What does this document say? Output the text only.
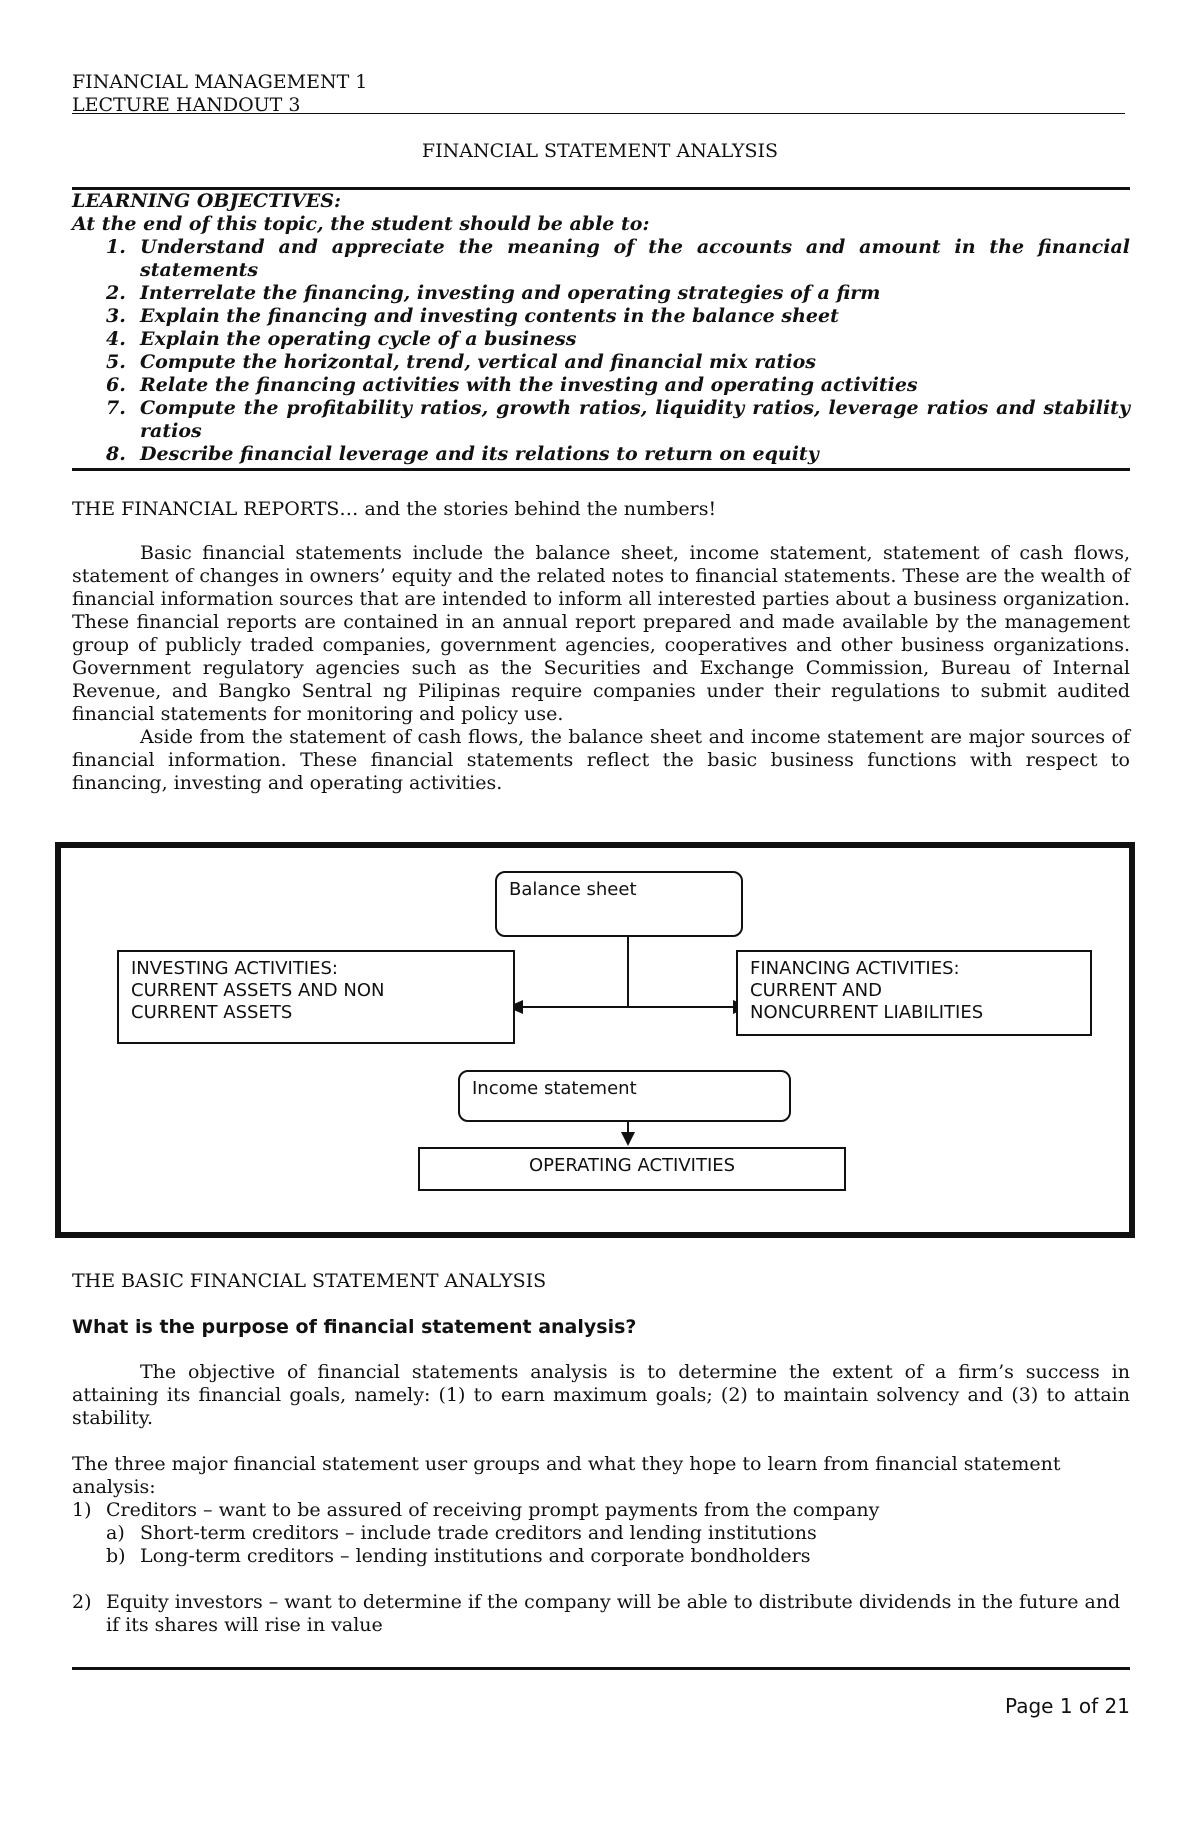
FINANCIAL MANAGEMENT 1
LECTURE HANDOUT 3
FINANCIAL STATEMENT ANALYSIS
LEARNING OBJECTIVES:
At the end of this topic, the student should be able to:
1. Understand and appreciate the meaning of the accounts and amount in the financial statements
2. Interrelate the financing, investing and operating strategies of a firm
3. Explain the financing and investing contents in the balance sheet
4. Explain the operating cycle of a business
5. Compute the horizontal, trend, vertical and financial mix ratios
6. Relate the financing activities with the investing and operating activities
7. Compute the profitability ratios, growth ratios, liquidity ratios, leverage ratios and stability ratios
8. Describe financial leverage and its relations to return on equity
THE FINANCIAL REPORTS… and the stories behind the numbers!
Basic financial statements include the balance sheet, income statement, statement of cash flows, statement of changes in owners’ equity and the related notes to financial statements. These are the wealth of financial information sources that are intended to inform all interested parties about a business organization. These financial reports are contained in an annual report prepared and made available by the management group of publicly traded companies, government agencies, cooperatives and other business organizations. Government regulatory agencies such as the Securities and Exchange Commission, Bureau of Internal Revenue, and Bangko Sentral ng Pilipinas require companies under their regulations to submit audited financial statements for monitoring and policy use.
Aside from the statement of cash flows, the balance sheet and income statement are major sources of financial information. These financial statements reflect the basic business functions with respect to financing, investing and operating activities.
Balance sheet
INVESTING ACTIVITIES:
CURRENT ASSETS AND NON
CURRENT ASSETS
FINANCING ACTIVITIES:
CURRENT AND
NONCURRENT LIABILITIES
Income statement
OPERATING ACTIVITIES
THE BASIC FINANCIAL STATEMENT ANALYSIS
What is the purpose of financial statement analysis?
The objective of financial statements analysis is to determine the extent of a firm’s success in attaining its financial goals, namely: (1) to earn maximum goals; (2) to maintain solvency and (3) to attain stability.
The three major financial statement user groups and what they hope to learn from financial statement analysis:
1) Creditors – want to be assured of receiving prompt payments from the company
a) Short-term creditors – include trade creditors and lending institutions
b) Long-term creditors – lending institutions and corporate bondholders
2) Equity investors – want to determine if the company will be able to distribute dividends in the future and if its shares will rise in value
Page 1 of 21
